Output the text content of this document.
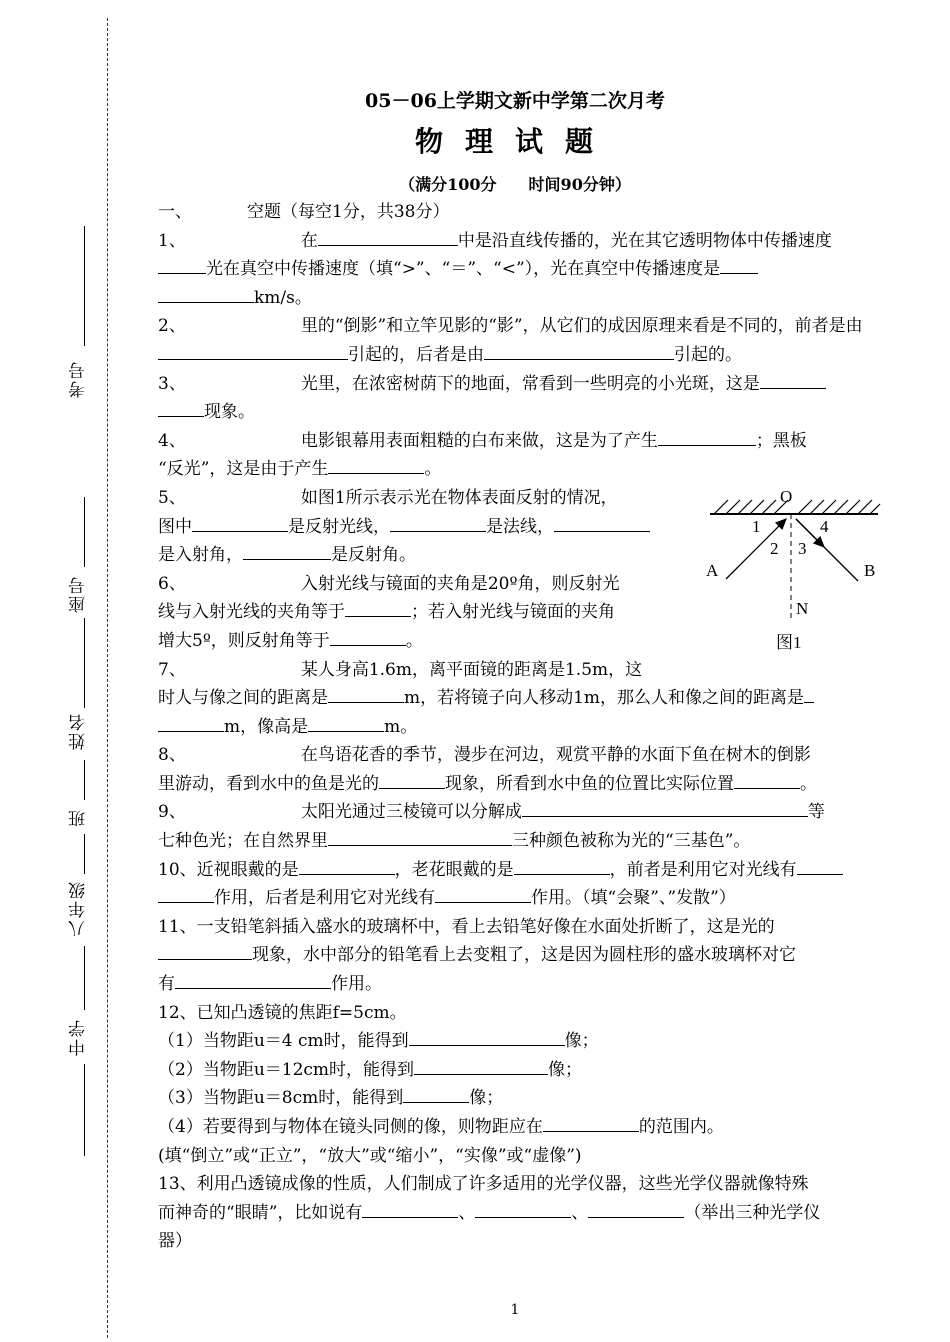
考号
座号
姓名
班
八年级
中学
05－06上学期文新中学第二次月考
物理试题
（满分100分　　时间90分钟）
O
1	4
2 3
A	B
N
图1

一、	空题（每空1分，共38分）

1、	在	中是沿直线传播的，光在其它透明物体中传播速度光在真空中传播速度（填“>”、“＝”、“<”），光在真空中传播速度是
km/s。

2、	里的“倒影”和立竿见影的“影”，从它们的成因原理来看是不同的，前者是由引起的，后者是由	引起的。

3、	光里，在浓密树荫下的地面，常看到一些明亮的小光斑，这是
现象。

4、	电影银幕用表面粗糙的白布来做，这是为了产生	；黑板
“反光”，这是由于产生	。

5、	如图1所示表示光在物体表面反射的情况，
图中	是反射光线，	是法线，
是入射角，	是反射角。

6、	入射光线与镜面的夹角是20º角，则反射光
线与入射光线的夹角等于	；若入射光线与镜面的夹角
增大5º，则反射角等于	。

7、	某人身高1.6m，离平面镜的距离是1.5m，这
时人与像之间的距离是	m，若将镜子向人移动1m，那么人和像之间的距离是
m，像高是	m。

8、	在鸟语花香的季节，漫步在河边，观赏平静的水面下鱼在树木的倒影
里游动，看到水中的鱼是光的	现象，所看到水中鱼的位置比实际位置	。

9、	太阳光通过三棱镜可以分解成	等
七种色光；在自然界里	三种颜色被称为光的“三基色”。

10、近视眼戴的是	，老花眼戴的是	，前者是利用它对光线有
作用，后者是利用它对光线有	作用。（填“会聚”、”发散”）

11、一支铅笔斜插入盛水的玻璃杯中，看上去铅笔好像在水面处折断了，这是光的
现象，水中部分的铅笔看上去变粗了，这是因为圆柱形的盛水玻璃杯对它
有	作用。

12、已知凸透镜的焦距f=5cm。
（1）当物距u＝4 cm时，能得到	像；
（2）当物距u＝12cm时，能得到	像；
（3）当物距u＝8cm时，能得到	像；
（4）若要得到与物体在镜头同侧的像，则物距应在	的范围内。
(填“倒立”或“正立”，“放大”或“缩小”，“实像”或“虚像”)

13、利用凸透镜成像的性质，人们制成了许多适用的光学仪器，这些光学仪器就像特殊
而神奇的“眼睛”，比如说有	、	、	（举出三种光学仪
器）

1
